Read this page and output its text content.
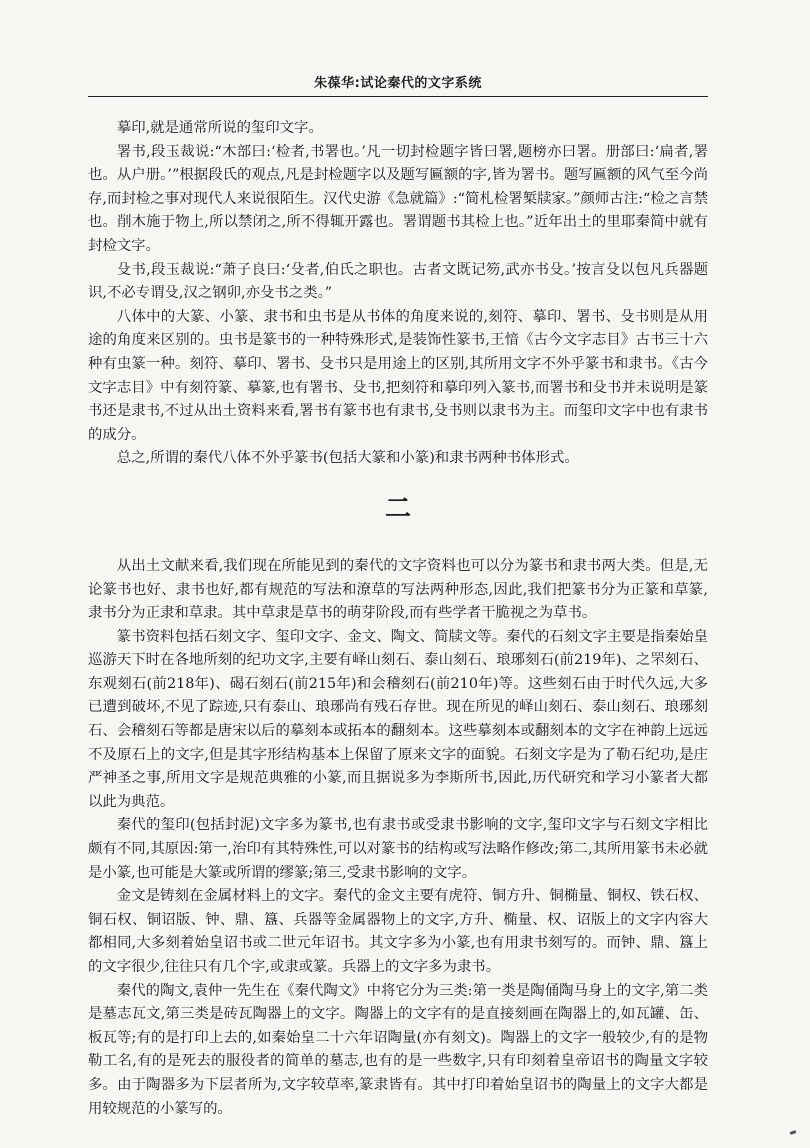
朱葆华:试论秦代的文字系统

摹印,就是通常所说的玺印文字。

署书,段玉裁说:“木部曰:‘检者,书署也。’凡一切封检题字皆曰署,题榜亦曰署。册部曰:‘扁者,署也。从户册。’”根据段氏的观点,凡是封检题字以及题写匾额的字,皆为署书。题写匾额的风气至今尚存,而封检之事对现代人来说很陌生。汉代史游《急就篇》:“简札检署椠牍家。”颜师古注:“检之言禁也。削木施于物上,所以禁闭之,所不得辄开露也。署谓题书其检上也。”近年出土的里耶秦简中就有封检文字。

殳书,段玉裁说:“萧子良曰:‘殳者,伯氏之职也。古者文既记笏,武亦书殳。’按言殳以包凡兵器题识,不必专谓殳,汉之钢卯,亦殳书之类。”

八体中的大篆、小篆、隶书和虫书是从书体的角度来说的,刻符、摹印、署书、殳书则是从用途的角度来区别的。虫书是篆书的一种特殊形式,是装饰性篆书,王愔《古今文字志目》古书三十六种有虫篆一种。刻符、摹印、署书、殳书只是用途上的区别,其所用文字不外乎篆书和隶书。《古今文字志目》中有刻符篆、摹篆,也有署书、殳书,把刻符和摹印列入篆书,而署书和殳书并未说明是篆书还是隶书,不过从出土资料来看,署书有篆书也有隶书,殳书则以隶书为主。而玺印文字中也有隶书的成分。

总之,所谓的秦代八体不外乎篆书(包括大篆和小篆)和隶书两种书体形式。

二

从出土文献来看,我们现在所能见到的秦代的文字资料也可以分为篆书和隶书两大类。但是,无论篆书也好、隶书也好,都有规范的写法和潦草的写法两种形态,因此,我们把篆书分为正篆和草篆,隶书分为正隶和草隶。其中草隶是草书的萌芽阶段,而有些学者干脆视之为草书。

篆书资料包括石刻文字、玺印文字、金文、陶文、简牍文等。秦代的石刻文字主要是指秦始皇巡游天下时在各地所刻的纪功文字,主要有峄山刻石、泰山刻石、琅琊刻石(前219年)、之罘刻石、东观刻石(前218年)、碣石刻石(前215年)和会稽刻石(前210年)等。这些刻石由于时代久远,大多已遭到破坏,不见了踪迹,只有泰山、琅琊尚有残石存世。现在所见的峄山刻石、泰山刻石、琅琊刻石、会稽刻石等都是唐宋以后的摹刻本或拓本的翻刻本。这些摹刻本或翻刻本的文字在神韵上远远不及原石上的文字,但是其字形结构基本上保留了原来文字的面貌。石刻文字是为了勒石纪功,是庄严神圣之事,所用文字是规范典雅的小篆,而且据说多为李斯所书,因此,历代研究和学习小篆者大都以此为典范。

秦代的玺印(包括封泥)文字多为篆书,也有隶书或受隶书影响的文字,玺印文字与石刻文字相比颇有不同,其原因:第一,治印有其特殊性,可以对篆书的结构或写法略作修改;第二,其所用篆书未必就是小篆,也可能是大篆或所谓的缪篆;第三,受隶书影响的文字。

金文是铸刻在金属材料上的文字。秦代的金文主要有虎符、铜方升、铜椭量、铜权、铁石权、铜石权、铜诏版、钟、鼎、簋、兵器等金属器物上的文字,方升、椭量、权、诏版上的文字内容大都相同,大多刻着始皇诏书或二世元年诏书。其文字多为小篆,也有用隶书刻写的。而钟、鼎、簋上的文字很少,往往只有几个字,或隶或篆。兵器上的文字多为隶书。

秦代的陶文,袁仲一先生在《秦代陶文》中将它分为三类:第一类是陶俑陶马身上的文字,第二类是墓志瓦文,第三类是砖瓦陶器上的文字。陶器上的文字有的是直接刻画在陶器上的,如瓦罐、缶、板瓦等;有的是打印上去的,如秦始皇二十六年诏陶量(亦有刻文)。陶器上的文字一般较少,有的是物勒工名,有的是死去的服役者的简单的墓志,也有的是一些数字,只有印刻着皇帝诏书的陶量文字较多。由于陶器多为下层者所为,文字较草率,篆隶皆有。其中打印着始皇诏书的陶量上的文字大都是用较规范的小篆写的。
